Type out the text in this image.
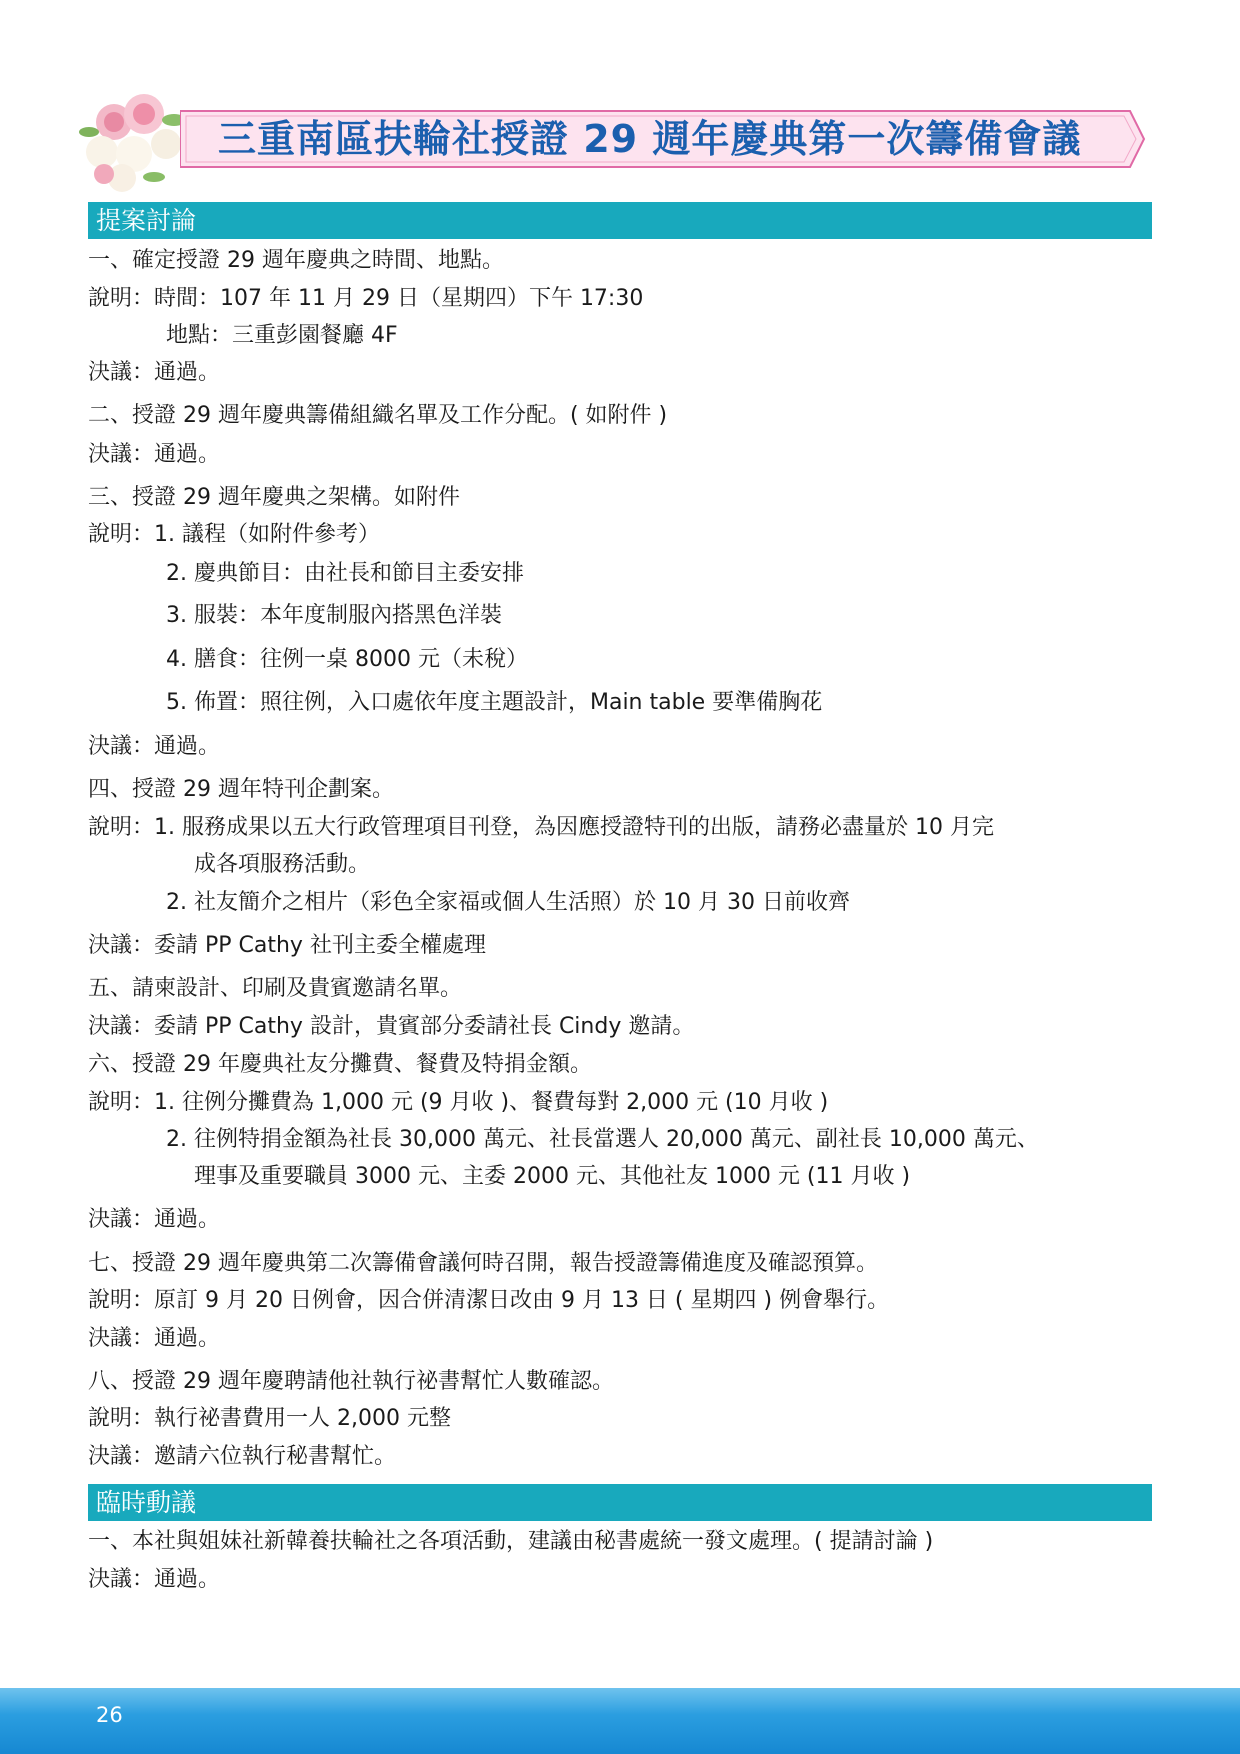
三重南區扶輪社授證 29 週年慶典第一次籌備會議
提案討論
一、確定授證 29 週年慶典之時間、地點。
說明：時間：107 年 11 月 29 日（星期四）下午 17:30
地點：三重彭園餐廳 4F
決議：通過。
二、授證 29 週年慶典籌備組織名單及工作分配。( 如附件 )
決議：通過。
三、授證 29 週年慶典之架構。如附件
說明：1. 議程（如附件參考）
2. 慶典節目：由社長和節目主委安排
3. 服裝：本年度制服內搭黑色洋裝
4. 膳食：往例一桌 8000 元（未稅）
5. 佈置：照往例，入口處依年度主題設計，Main table 要準備胸花
決議：通過。
四、授證 29 週年特刊企劃案。
說明：1. 服務成果以五大行政管理項目刊登，為因應授證特刊的出版，請務必盡量於 10 月完
成各項服務活動。
2. 社友簡介之相片（彩色全家福或個人生活照）於 10 月 30 日前收齊
決議：委請 PP Cathy 社刊主委全權處理
五、請柬設計、印刷及貴賓邀請名單。
決議：委請 PP Cathy 設計，貴賓部分委請社長 Cindy 邀請。
六、授證 29 年慶典社友分攤費、餐費及特捐金額。
說明：1. 往例分攤費為 1,000 元 (9 月收 )、餐費每對 2,000 元 (10 月收 )
2. 往例特捐金額為社長 30,000 萬元、社長當選人 20,000 萬元、副社長 10,000 萬元、
理事及重要職員 3000 元、主委 2000 元、其他社友 1000 元 (11 月收 )
決議：通過。
七、授證 29 週年慶典第二次籌備會議何時召開，報告授證籌備進度及確認預算。
說明：原訂 9 月 20 日例會，因合併清潔日改由 9 月 13 日 ( 星期四 ) 例會舉行。
決議：通過。
八、授證 29 週年慶聘請他社執行祕書幫忙人數確認。
說明：執行祕書費用一人 2,000 元整
決議：邀請六位執行秘書幫忙。
臨時動議
一、本社與姐妹社新韓養扶輪社之各項活動，建議由秘書處統一發文處理。( 提請討論 )
決議：通過。
26
